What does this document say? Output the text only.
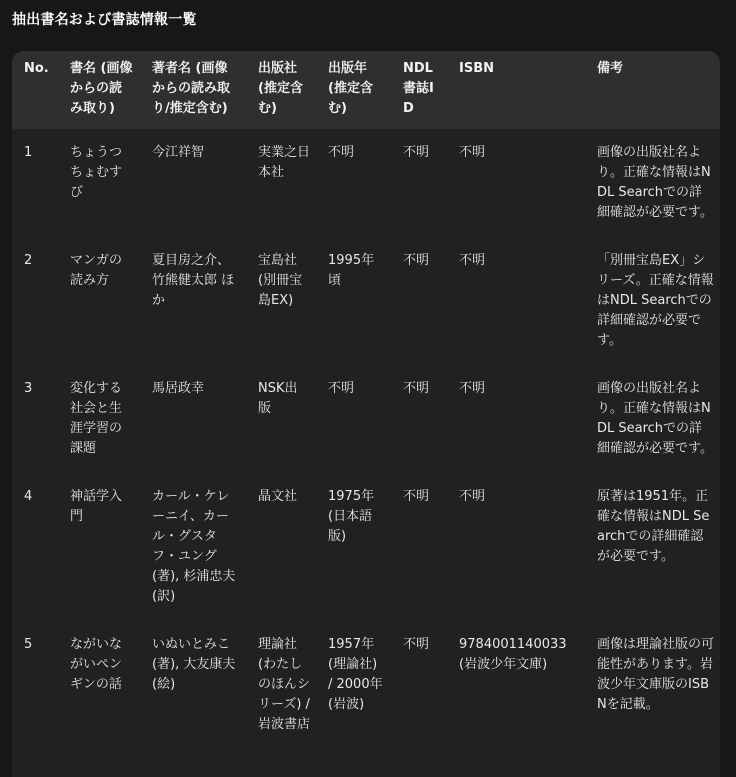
抽出書名および書誌情報一覧
No.	書名 (画像からの読み取り)	著者名 (画像からの読み取り/推定含む)	出版社 (推定含む)	出版年 (推定含む)	NDL書誌ID	ISBN	備考
1	ちょうつちょむすび	今江祥智	実業之日本社	不明	不明	不明	画像の出版社名より。正確な情報はNDL Searchでの詳細確認が必要です。
2	マンガの読み方	夏目房之介、竹熊健太郎 ほか	宝島社 (別冊宝島EX)	1995年頃	不明	不明	「別冊宝島EX」シリーズ。正確な情報はNDL Searchでの詳細確認が必要です。
3	変化する社会と生涯学習の課題	馬居政幸	NSK出版	不明	不明	不明	画像の出版社名より。正確な情報はNDL Searchでの詳細確認が必要です。
4	神話学入門	カール・ケレーニイ、カール・グスタフ・ユング (著), 杉浦忠夫 (訳)	晶文社	1975年 (日本語版)	不明	不明	原著は1951年。正確な情報はNDL Searchでの詳細確認が必要です。
5	ながいながいペンギンの話	いぬいとみこ (著), 大友康夫 (絵)	理論社 (わたしのほんシリーズ) / 岩波書店	1957年 (理論社) / 2000年 (岩波)	不明	9784001140033 (岩波少年文庫)	画像は理論社版の可能性があります。岩波少年文庫版のISBNを記載。
